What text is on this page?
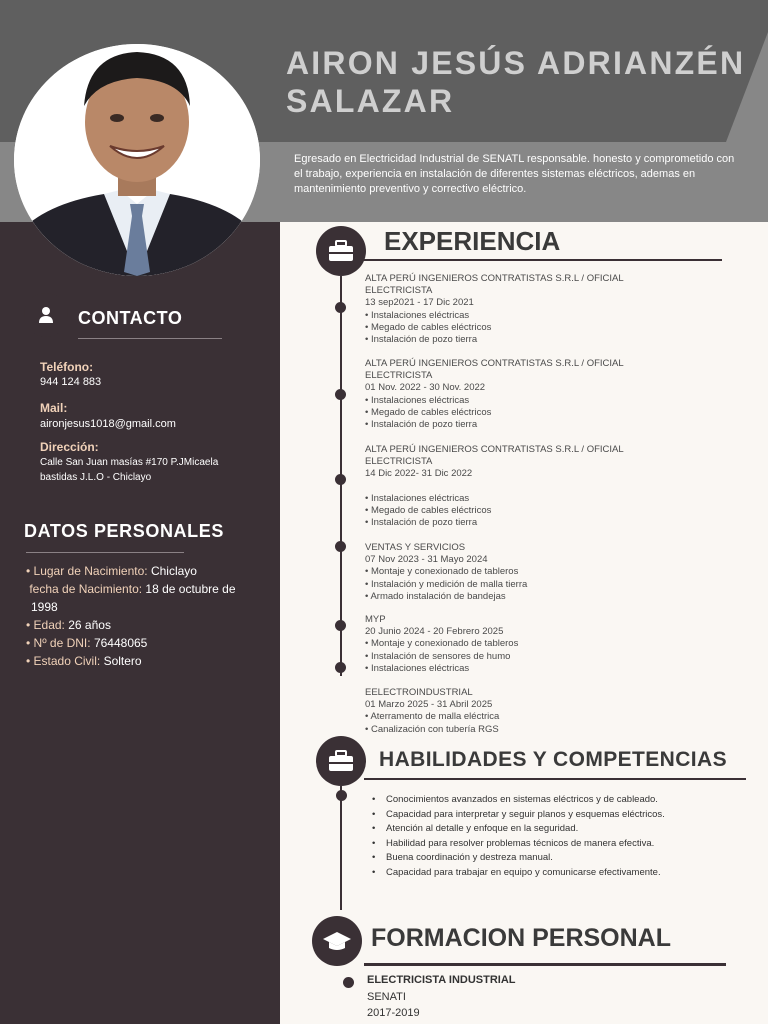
AIRON JESÚS ADRIANZÉN
SALAZAR
Egresado en Electricidad Industrial de SENATL responsable. honesto y comprometido con el trabajo, experiencia en instalación de diferentes sistemas eléctricos, ademas en mantenimiento preventivo y correctivo eléctrico.
CONTACTO
Teléfono:
944 124 883
Mail:
aironjesus1018@gmail.com
Dirección:
Calle San Juan masías #170 P.JMicaela
bastidas J.L.O - Chiclayo
DATOS PERSONALES
• Lugar de Nacimiento: Chiclayo
fecha de Nacimiento: 18 de octubre de 1998
• Edad: 26 años
• Nº de DNI: 76448065
• Estado Civil: Soltero
EXPERIENCIA
ALTA PERÚ INGENIEROS CONTRATISTAS S.R.L / OFICIAL
ELECTRICISTA
13 sep2021 - 17 Dic 2021
• Instalaciones eléctricas
• Megado de cables eléctricos
• Instalación de pozo tierra
ALTA PERÚ INGENIEROS CONTRATISTAS S.R.L / OFICIAL
ELECTRICISTA
01 Nov. 2022 - 30 Nov. 2022
• Instalaciones eléctricas
• Megado de cables eléctricos
• Instalación de pozo tierra
ALTA PERÚ INGENIEROS CONTRATISTAS S.R.L / OFICIAL
ELECTRICISTA
14 Dic 2022- 31 Dic 2022
• Instalaciones eléctricas
• Megado de cables eléctricos
• Instalación de pozo tierra
VENTAS Y SERVICIOS
07 Nov 2023 - 31 Mayo 2024
• Montaje y conexionado de tableros
• Instalación y medición de malla tierra
• Armado instalación de bandejas
MYP
20 Junio 2024 - 20 Febrero 2025
• Montaje y conexionado de tableros
• Instalación de sensores de humo
• Instalaciones eléctricas
EELECTROINDUSTRIAL
01 Marzo 2025 - 31 Abril 2025
• Aterramento de malla eléctrica
• Canalización con tubería RGS
HABILIDADES Y COMPETENCIAS
• Conocimientos avanzados en sistemas eléctricos y de cableado.
• Capacidad para interpretar y seguir planos y esquemas eléctricos.
• Atención al detalle y enfoque en la seguridad.
• Habilidad para resolver problemas técnicos de manera efectiva.
• Buena coordinación y destreza manual.
• Capacidad para trabajar en equipo y comunicarse efectivamente.
FORMACION PERSONAL
ELECTRICISTA INDUSTRIAL
SENATI
2017-2019
